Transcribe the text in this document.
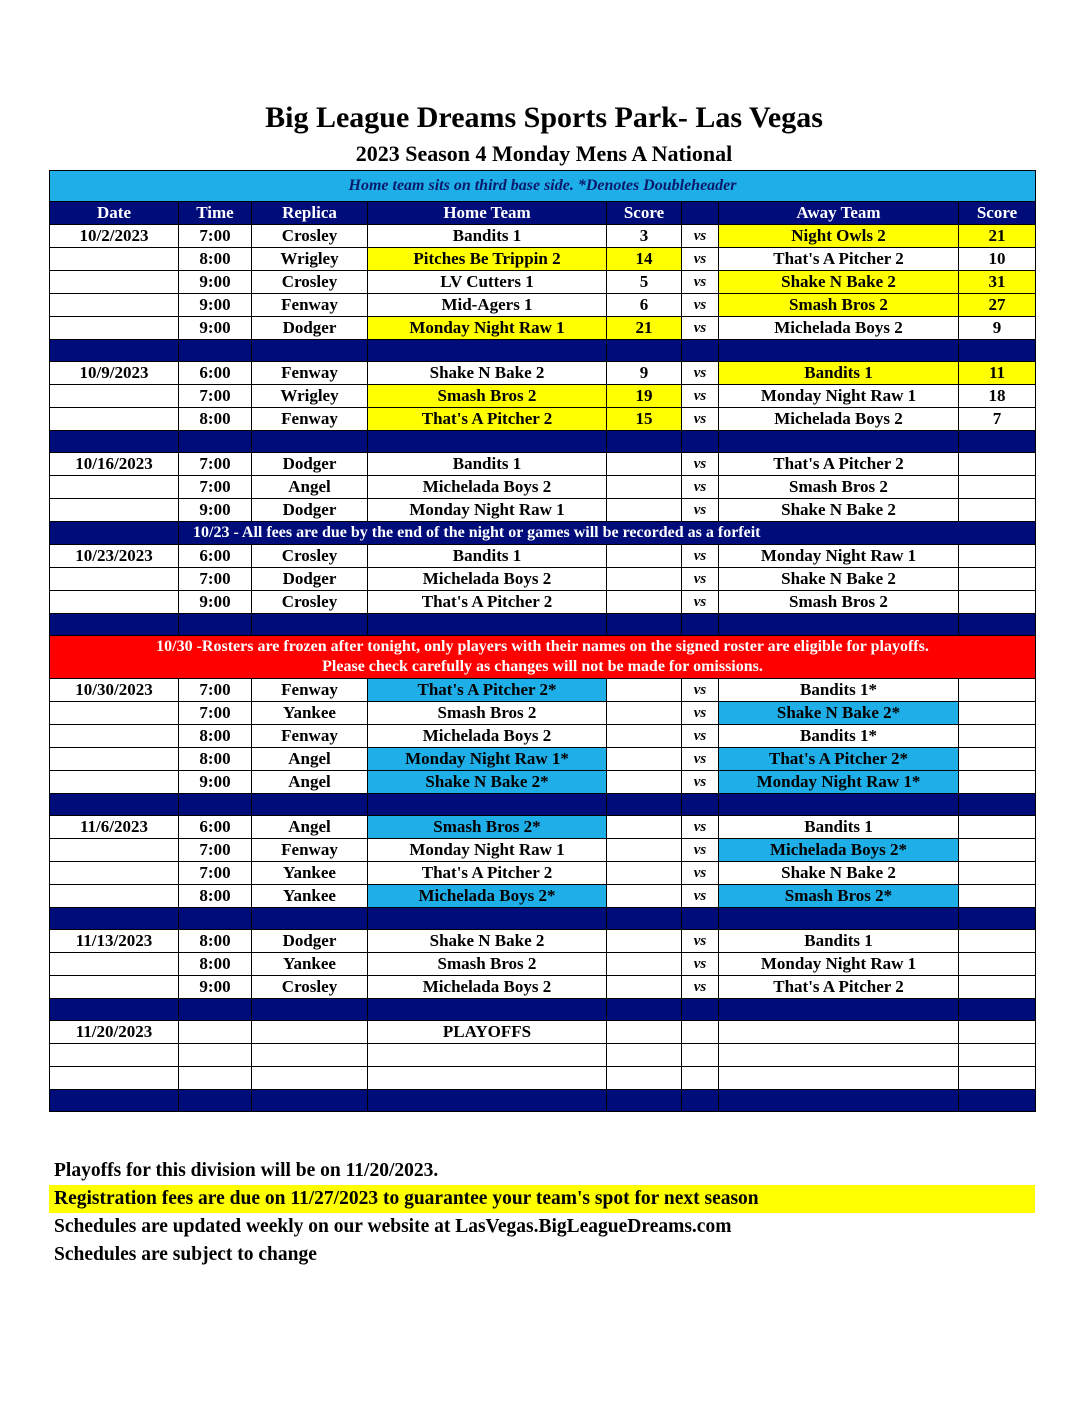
Big League Dreams Sports Park- Las Vegas
2023 Season 4 Monday Mens A National
Home team sits on third base side. *Denotes Doubleheader							
Date	Time	Replica	Home Team	Score		Away Team	Score
10/2/2023	7:00	Crosley	Bandits 1	3	vs	Night Owls 2	21
	8:00	Wrigley	Pitches Be Trippin 2	14	vs	That's A Pitcher 2	10
	9:00	Crosley	LV Cutters 1	5	vs	Shake N Bake 2	31
	9:00	Fenway	Mid-Agers 1	6	vs	Smash Bros 2	27
	9:00	Dodger	Monday Night Raw 1	21	vs	Michelada Boys 2	9

10/9/2023	6:00	Fenway	Shake N Bake 2	9	vs	Bandits 1	11
	7:00	Wrigley	Smash Bros 2	19	vs	Monday Night Raw 1	18
	8:00	Fenway	That's A Pitcher 2	15	vs	Michelada Boys 2	7

10/16/2023	7:00	Dodger	Bandits 1		vs	That's A Pitcher 2	
	7:00	Angel	Michelada Boys 2		vs	Smash Bros 2	
	9:00	Dodger	Monday Night Raw 1		vs	Shake N Bake 2	
	10/23 - All fees are due by the end of the night or games will be recorded as a forfeit						
10/23/2023	6:00	Crosley	Bandits 1		vs	Monday Night Raw 1	
	7:00	Dodger	Michelada Boys 2		vs	Shake N Bake 2	
	9:00	Crosley	That's A Pitcher 2		vs	Smash Bros 2	

10/30 -Rosters are frozen after tonight, only players with their names on the signed roster are eligible for playoffs.
Please check carefully as changes will not be made for omissions.							

10/30/2023	7:00	Fenway	That's A Pitcher 2*		vs	Bandits 1*	
	7:00	Yankee	Smash Bros 2		vs	Shake N Bake 2*	
	8:00	Fenway	Michelada Boys 2		vs	Bandits 1*	
	8:00	Angel	Monday Night Raw 1*		vs	That's A Pitcher 2*	
	9:00	Angel	Shake N Bake 2*		vs	Monday Night Raw 1*	

11/6/2023	6:00	Angel	Smash Bros 2*		vs	Bandits 1	
	7:00	Fenway	Monday Night Raw 1		vs	Michelada Boys 2*	
	7:00	Yankee	That's A Pitcher 2		vs	Shake N Bake 2	
	8:00	Yankee	Michelada Boys 2*		vs	Smash Bros 2*	

11/13/2023	8:00	Dodger	Shake N Bake 2		vs	Bandits 1	
	8:00	Yankee	Smash Bros 2		vs	Monday Night Raw 1	
	9:00	Crosley	Michelada Boys 2		vs	That's A Pitcher 2	

11/20/2023			PLAYOFFS				

Playoffs for this division will be on 11/20/2023.
Registration fees are due on 11/27/2023 to guarantee your team's spot for next season
Schedules are updated weekly on our website at LasVegas.BigLeagueDreams.com
Schedules are subject to change
